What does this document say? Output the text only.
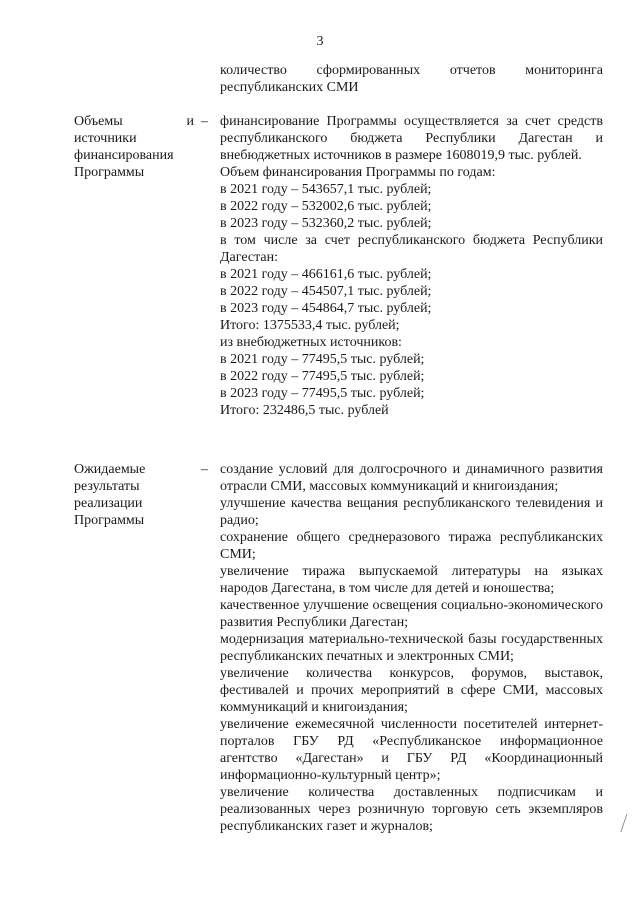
3

количество сформированных отчетов мониторинга республиканских СМИ

Объемы и источники финансирования Программы
– финансирование Программы осуществляется за счет средств республиканского бюджета Республики Дагестан и внебюджетных источников в размере 1608019,9 тыс. рублей.

Объем финансирования Программы по годам:

в 2021 году – 543657,1 тыс. рублей;

в 2022 году – 532002,6 тыс. рублей;

в 2023 году – 532360,2 тыс. рублей;

в том числе за счет республиканского бюджета Республики Дагестан:

в 2021 году – 466161,6 тыс. рублей;

в 2022 году – 454507,1 тыс. рублей;

в 2023 году – 454864,7 тыс. рублей;

Итого: 1375533,4 тыс. рублей;

из внебюджетных источников:

в 2021 году – 77495,5 тыс. рублей;

в 2022 году – 77495,5 тыс. рублей;

в 2023 году – 77495,5 тыс. рублей;

Итого: 232486,5 тыс. рублей

Ожидаемые результаты реализации Программы
– создание условий для долгосрочного и динамичного развития отрасли СМИ, массовых коммуникаций и книгоиздания;

улучшение качества вещания республиканского телевидения и радио;

сохранение общего среднеразового тиража республиканских СМИ;

увеличение тиража выпускаемой литературы на языках народов Дагестана, в том числе для детей и юношества;

качественное улучшение освещения социально-экономического развития Республики Дагестан;

модернизация материально-технической базы государственных республиканских печатных и электронных СМИ;

увеличение количества конкурсов, форумов, выставок, фестивалей и прочих мероприятий в сфере СМИ, массовых коммуникаций и книгоиздания;

увеличение ежемесячной численности посетителей интернет-порталов ГБУ РД «Республиканское информационное агентство «Дагестан» и ГБУ РД «Координационный информационно-культурный центр»;

увеличение количества доставленных подписчикам и реализованных через розничную торговую сеть экземпляров республиканских газет и журналов;
